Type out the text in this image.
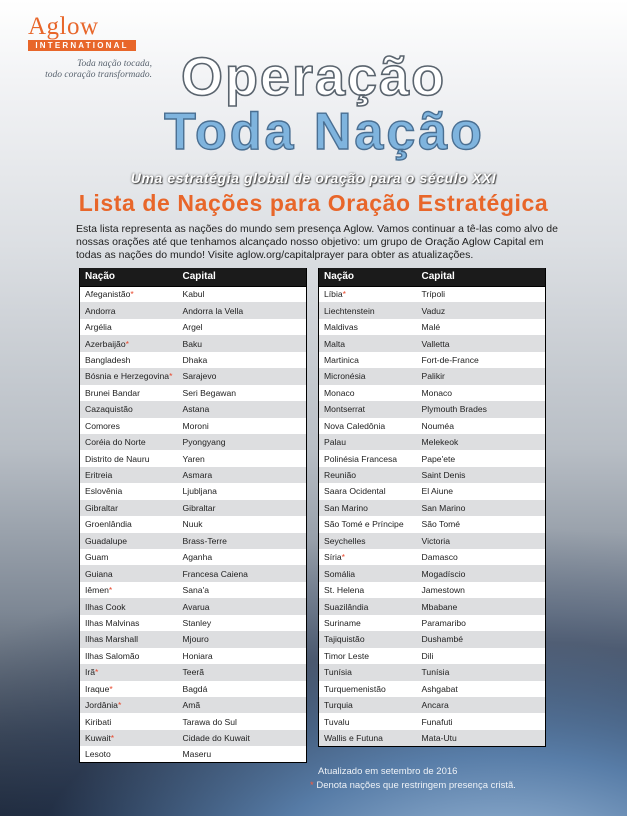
Aglow
INTERNATIONAL
Toda nação tocada,
todo coração transformado. Operação
Toda Nação
Uma estratégia global de oração para o século XXI
Lista de Nações para Oração Estratégica

Esta lista representa as nações do mundo sem presença Aglow. Vamos continuar a tê-las como alvo de nossas orações até que tenhamos alcançado nosso objetivo: um grupo de Oração Aglow Capital em todas as nações do mundo! Visite aglow.org/capitalprayer para obter as atualizações.

Nação	Capital
Afeganistão*	Kabul
Andorra	Andorra la Vella
Argélia	Argel
Azerbaijão*	Baku
Bangladesh	Dhaka
Bósnia e Herzegovina*	Sarajevo
Brunei Bandar	Seri Begawan
Cazaquistão	Astana
Comores	Moroni
Coréia do Norte	Pyongyang
Distrito de Nauru	Yaren
Eritreia	Asmara
Eslovênia	Ljubljana
Gibraltar	Gibraltar
Groenlândia	Nuuk
Guadalupe	Brass-Terre
Guam	Aganha
Guiana	Francesa Caiena
Iêmen*	Sana'a
Ilhas Cook	Avarua
Ilhas Malvinas	Stanley
Ilhas Marshall	Mjouro
Ilhas Salomão	Honiara
Irã*	Teerã
Iraque*	Bagdá
Jordânia*	Amã
Kiribati	Tarawa do Sul
Kuwait*	Cidade do Kuwait
Lesoto	Maseru
Nação	Capital
Líbia*	Trípoli
Liechtenstein	Vaduz
Maldivas	Malé
Malta	Valletta
Martinica	Fort-de-France
Micronésia	Palikir
Monaco	Monaco
Montserrat	Plymouth Brades
Nova Caledônia	Nouméa
Palau	Melekeok
Polinésia Francesa	Pape'ete
Reunião	Saint Denis
Saara Ocidental	El Aiune
San Marino	San Marino
São Tomé e Príncipe	São Tomé
Seychelles	Victoria
Síria*	Damasco
Somália	Mogadíscio
St. Helena	Jamestown
Suazilândia	Mbabane
Suriname	Paramaribo
Tajiquistão	Dushambé
Timor Leste	Dili
Tunísia	Tunísia
Turquemenistão	Ashgabat
Turquia	Ancara
Tuvalu	Funafuti
Wallis e Futuna	Mata-Utu
Atualizado em setembro de 2016
* Denota nações que restringem presença cristã.
